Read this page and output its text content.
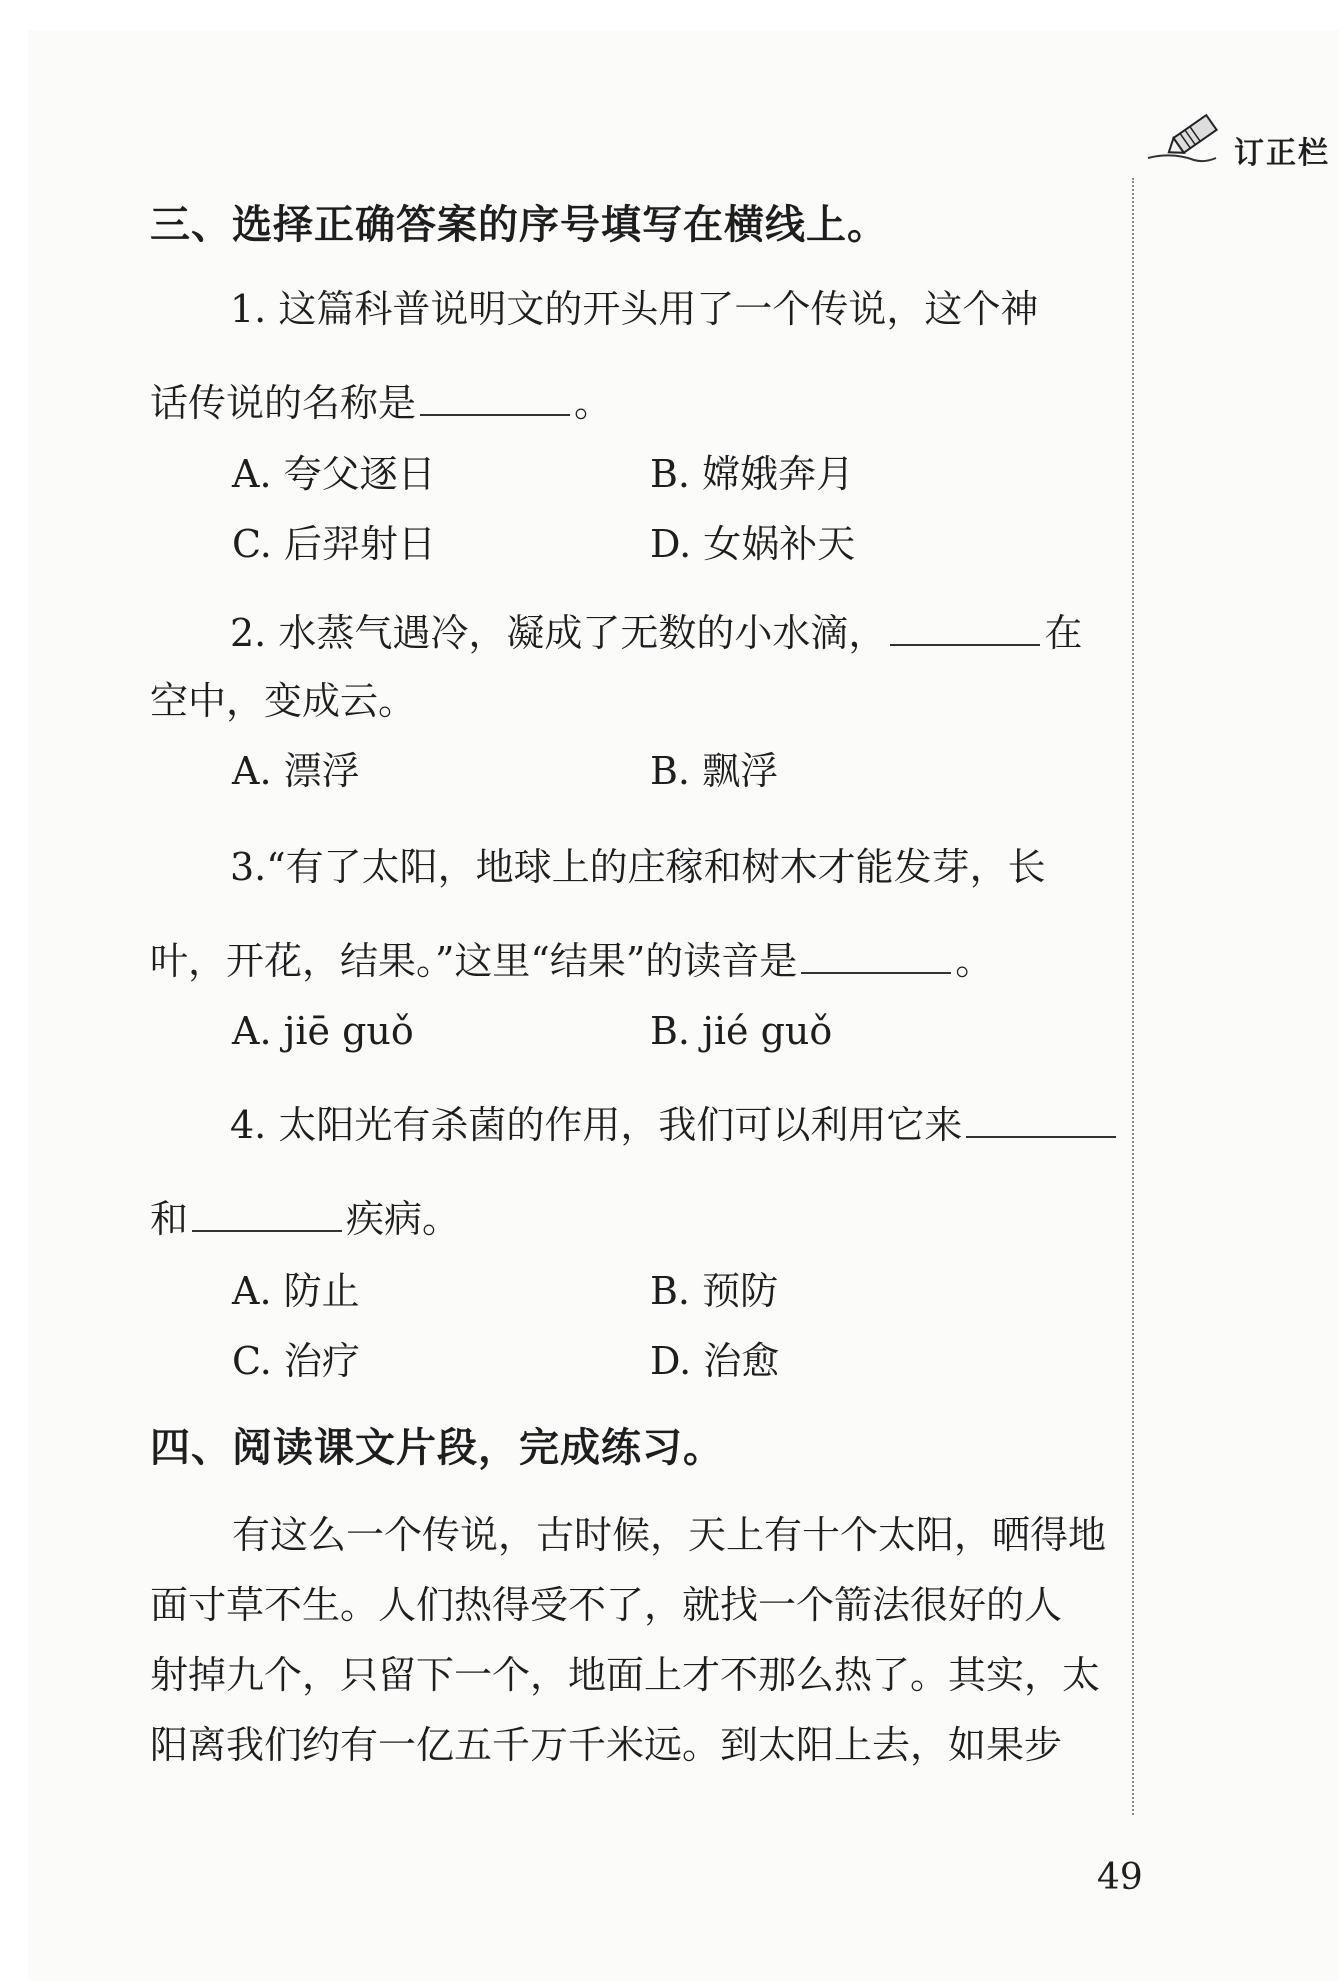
订正栏
三、选择正确答案的序号填写在横线上。
1. 这篇科普说明文的开头用了一个传说，这个神
话传说的名称是	。
A. 夸父逐日	B. 嫦娥奔月
C. 后羿射日	D. 女娲补天
2. 水蒸气遇冷，凝成了无数的小水滴，	在
空中，变成云。
A. 漂浮	B. 飘浮
3.“有了太阳，地球上的庄稼和树木才能发芽，长
叶，开花，结果。”这里“结果”的读音是	。
A. jiē guǒ	B. jié guǒ
4. 太阳光有杀菌的作用，我们可以利用它来
和	疾病。
A. 防止	B. 预防
C. 治疗	D. 治愈
四、阅读课文片段，完成练习。
有这么一个传说，古时候，天上有十个太阳，晒得地
面寸草不生。人们热得受不了，就找一个箭法很好的人
射掉九个，只留下一个，地面上才不那么热了。其实，太
阳离我们约有一亿五千万千米远。到太阳上去，如果步
49
